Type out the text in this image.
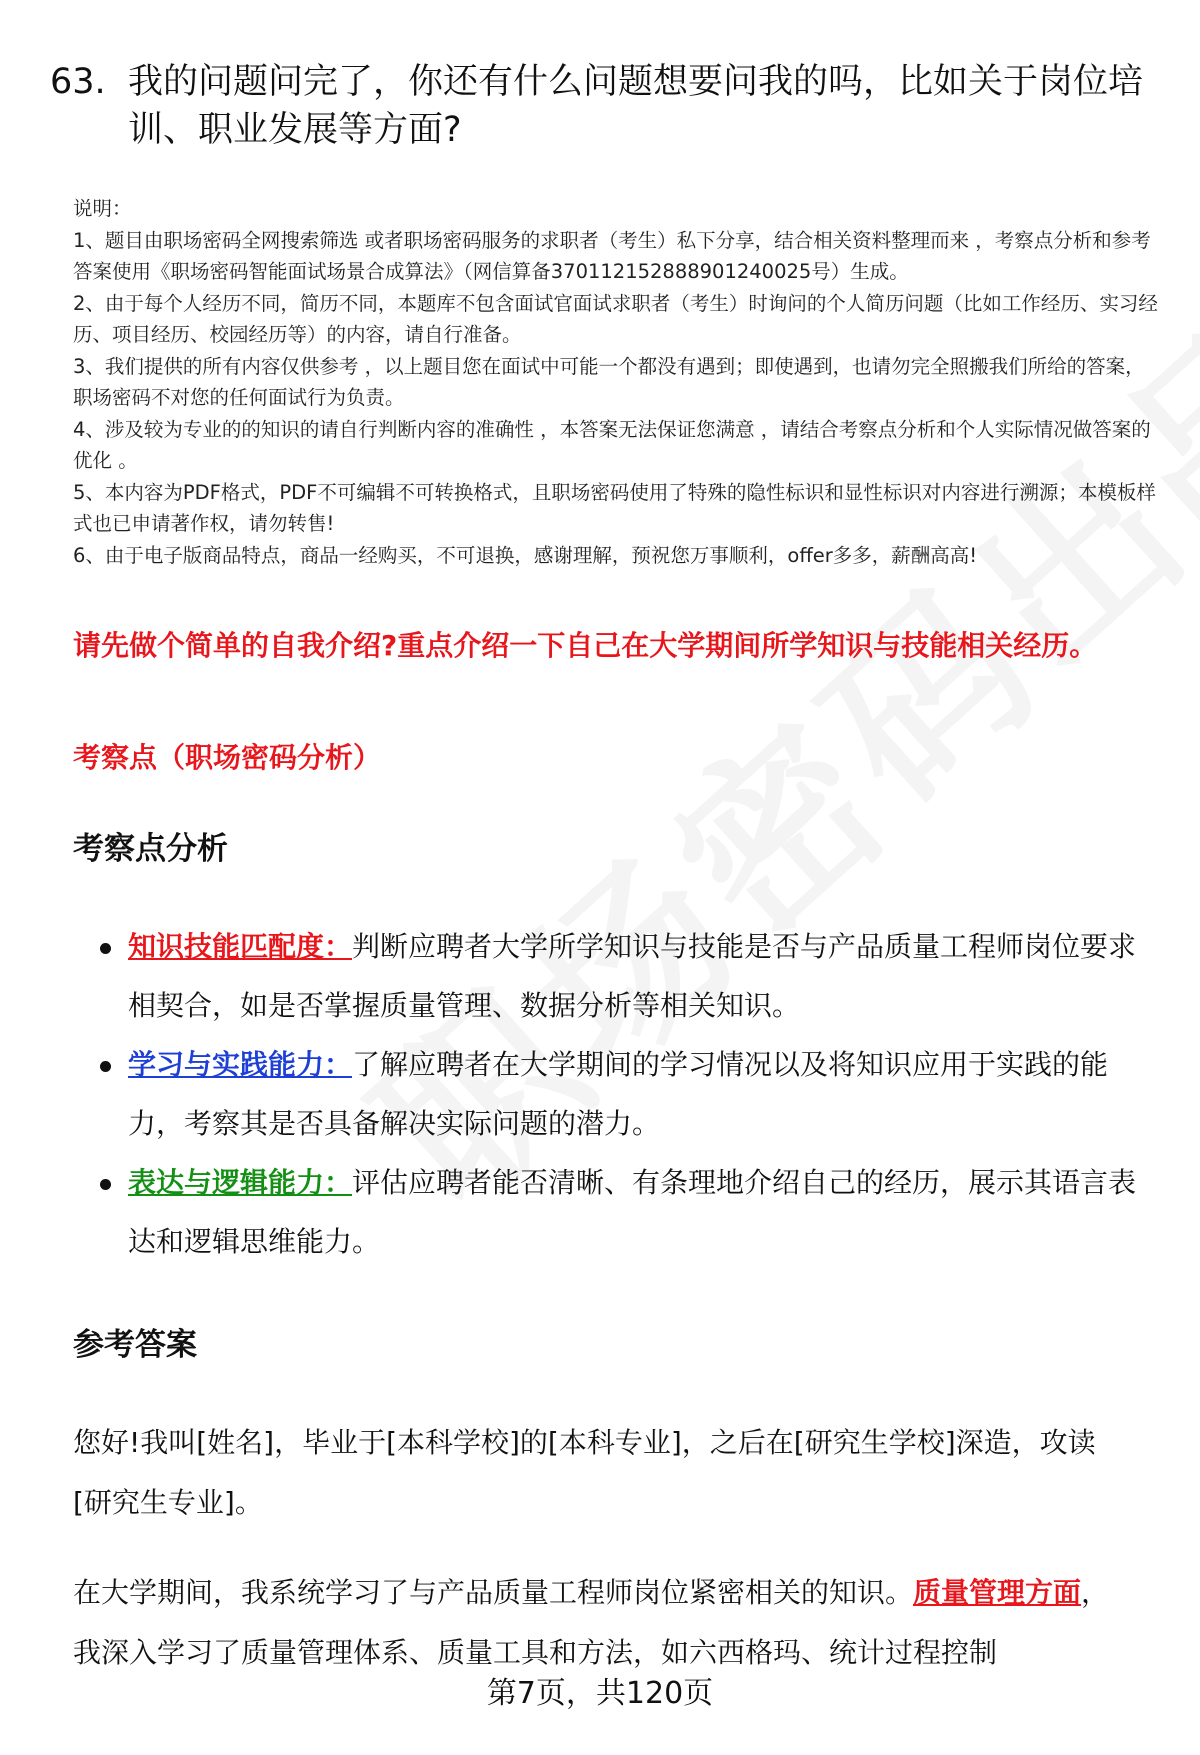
63. 我的问题问完了，你还有什么问题想要问我的吗，比如关于岗位培训、职业发展等方面?
说明：
1、题目由职场密码全网搜索筛选 或者职场密码服务的求职者（考生）私下分享，结合相关资料整理而来 ，考察点分析和参考答案使用《职场密码智能面试场景合成算法》（网信算备370112152888901240025号）生成。
2、由于每个人经历不同，简历不同，本题库不包含面试官面试求职者（考生）时询问的个人简历问题（比如工作经历、实习经历、项目经历、校园经历等）的内容，请自行准备。
3、我们提供的所有内容仅供参考 ，以上题目您在面试中可能一个都没有遇到；即使遇到，也请勿完全照搬我们所给的答案，职场密码不对您的任何面试行为负责。
4、涉及较为专业的的知识的请自行判断内容的准确性 ，本答案无法保证您满意 ，请结合考察点分析和个人实际情况做答案的优化 。
5、本内容为PDF格式，PDF不可编辑不可转换格式，且职场密码使用了特殊的隐性标识和显性标识对内容进行溯源；本模板样式也已申请著作权，请勿转售!
6、由于电子版商品特点，商品一经购买，不可退换，感谢理解，预祝您万事顺利，offer多多，薪酬高高!
请先做个简单的自我介绍?重点介绍一下自己在大学期间所学知识与技能相关经历。
考察点（职场密码分析）
考察点分析
知识技能匹配度：判断应聘者大学所学知识与技能是否与产品质量工程师岗位要求相契合，如是否掌握质量管理、数据分析等相关知识。
学习与实践能力：了解应聘者在大学期间的学习情况以及将知识应用于实践的能力，考察其是否具备解决实际问题的潜力。
表达与逻辑能力：评估应聘者能否清晰、有条理地介绍自己的经历，展示其语言表达和逻辑思维能力。
参考答案
您好!我叫[姓名]，毕业于[本科学校]的[本科专业]，之后在[研究生学校]深造，攻读[研究生专业]。
在大学期间，我系统学习了与产品质量工程师岗位紧密相关的知识。质量管理方面，我深入学习了质量管理体系、质量工具和方法，如六西格玛、统计过程控制
第7页，共120页
